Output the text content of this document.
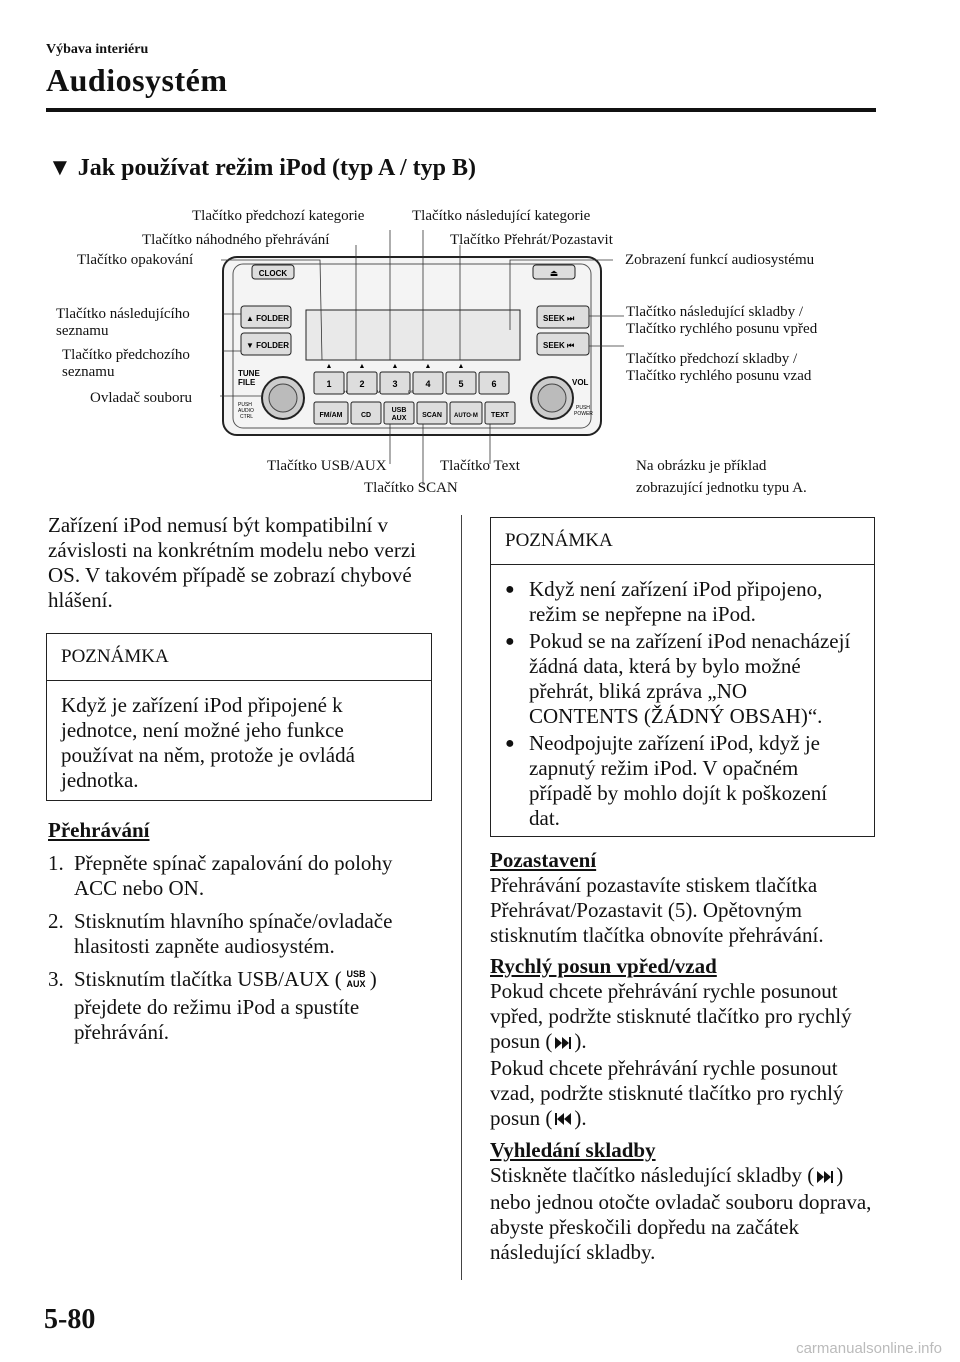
Výbava interiéru
Audiosystém
▼ Jak používat režim iPod (typ A / typ B)
CLOCK	⏏
▲ FOLDER
▼ FOLDER
SEEK ⏭
SEEK ⏮
TUNE
FILE
PUSH
AUDIO
CTRL
1	2	3	4	5	6
H	M	DS
▲	▲	▲	▲	▲
FM/AM	CD
USB
AUX SCAN AUTO·M TEXT
VOL
PUSH
POWER
Tlačítko předchozí kategorie	Tlačítko následující kategorie
Tlačítko náhodného přehrávání	Tlačítko Přehrát/Pozastavit
Tlačítko opakování	Zobrazení funkcí audiosystému
Tlačítko následujícího
seznamu
Tlačítko předchozího
seznamu
Ovladač souboru
Tlačítko následující skladby /
Tlačítko rychlého posunu vpřed
Tlačítko předchozí skladby /
Tlačítko rychlého posunu vzad
Tlačítko USB/AUX	Tlačítko Text
Tlačítko SCAN
Na obrázku je příklad
zobrazující jednotku typu A.

Zařízení iPod nemusí být kompatibilní v závislosti na konkrétním modelu nebo verzi OS. V takovém případě se zobrazí chybové hlášení.

POZNÁMKA
Když je zařízení iPod připojené k jednotce, není možné jeho funkce používat na něm, protože je ovládá jednotka.
Přehrávání
1. Přepněte spínač zapalování do polohy ACC nebo ON.
2. Stisknutím hlavního spínače/ovladače hlasitosti zapněte audiosystém.
3. Stisknutím tlačítka USB/AUX ( USB
AUX ) přejdete do režimu iPod a spustíte přehrávání.
POZNÁMKA
● Když není zařízení iPod připojeno, režim se nepřepne na iPod.
● Pokud se na zařízení iPod nenacházejí žádná data, která by bylo možné přehrát, bliká zpráva „NO CONTENTS (ŽÁDNÝ OBSAH)“.
● Neodpojujte zařízení iPod, když je zapnutý režim iPod. V opačném případě by mohlo dojít k poškození dat.
Pozastavení

Přehrávání pozastavíte stiskem tlačítka Přehrávat/Pozastavit (5). Opětovným stisknutím tlačítka obnovíte přehrávání.

Rychlý posun vpřed/vzad

Pokud chcete přehrávání rychle posunout vpřed, podržte stisknuté tlačítko pro rychlý posun ( ).
Pokud chcete přehrávání rychle posunout vzad, podržte stisknuté tlačítko pro rychlý posun ( ).

Vyhledání skladby

Stiskněte tlačítko následující skladby ( ) nebo jednou otočte ovladač souboru doprava, abyste přeskočili dopředu na začátek následující skladby.

5-80
carmanualsonline.info
